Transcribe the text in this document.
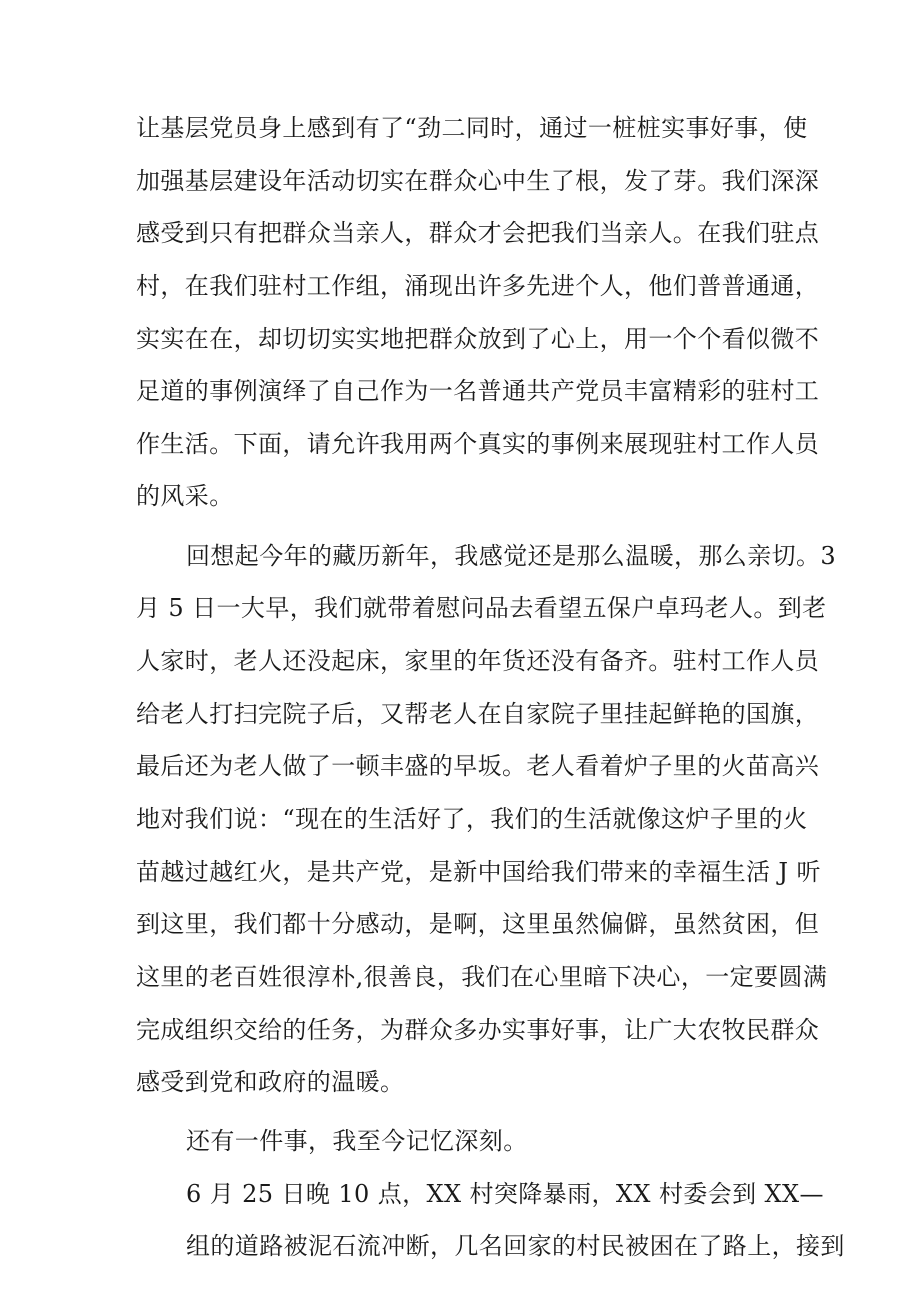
让基层党员身上感到有了“劲二同时，通过一桩桩实事好事，使
加强基层建设年活动切实在群众心中生了根，发了芽。我们深深
感受到只有把群众当亲人，群众才会把我们当亲人。在我们驻点
村，在我们驻村工作组，涌现出许多先进个人，他们普普通通，
实实在在，却切切实实地把群众放到了心上，用一个个看似微不
足道的事例演绎了自己作为一名普通共产党员丰富精彩的驻村工
作生活。下面，请允许我用两个真实的事例来展现驻村工作人员
的风采。
回想起今年的藏历新年，我感觉还是那么温暖，那么亲切。3
月 5 日一大早，我们就带着慰问品去看望五保户卓玛老人。到老
人家时，老人还没起床，家里的年货还没有备齐。驻村工作人员
给老人打扫完院子后，又帮老人在自家院子里挂起鲜艳的国旗，
最后还为老人做了一顿丰盛的早坂。老人看着炉子里的火苗高兴
地对我们说：“现在的生活好了，我们的生活就像这炉子里的火
苗越过越红火，是共产党，是新中国给我们带来的幸福生活 J 听
到这里，我们都十分感动，是啊，这里虽然偏僻，虽然贫困，但
这里的老百姓很淳朴,很善良，我们在心里暗下决心，一定要圆满
完成组织交给的任务，为群众多办实事好事，让广大农牧民群众
感受到党和政府的温暖。
还有一件事，我至今记忆深刻。
6 月 25 日晚 10 点，XX 村突降暴雨，XX 村委会到 XX—
组的道路被泥石流冲断，几名回家的村民被困在了路上，接到
